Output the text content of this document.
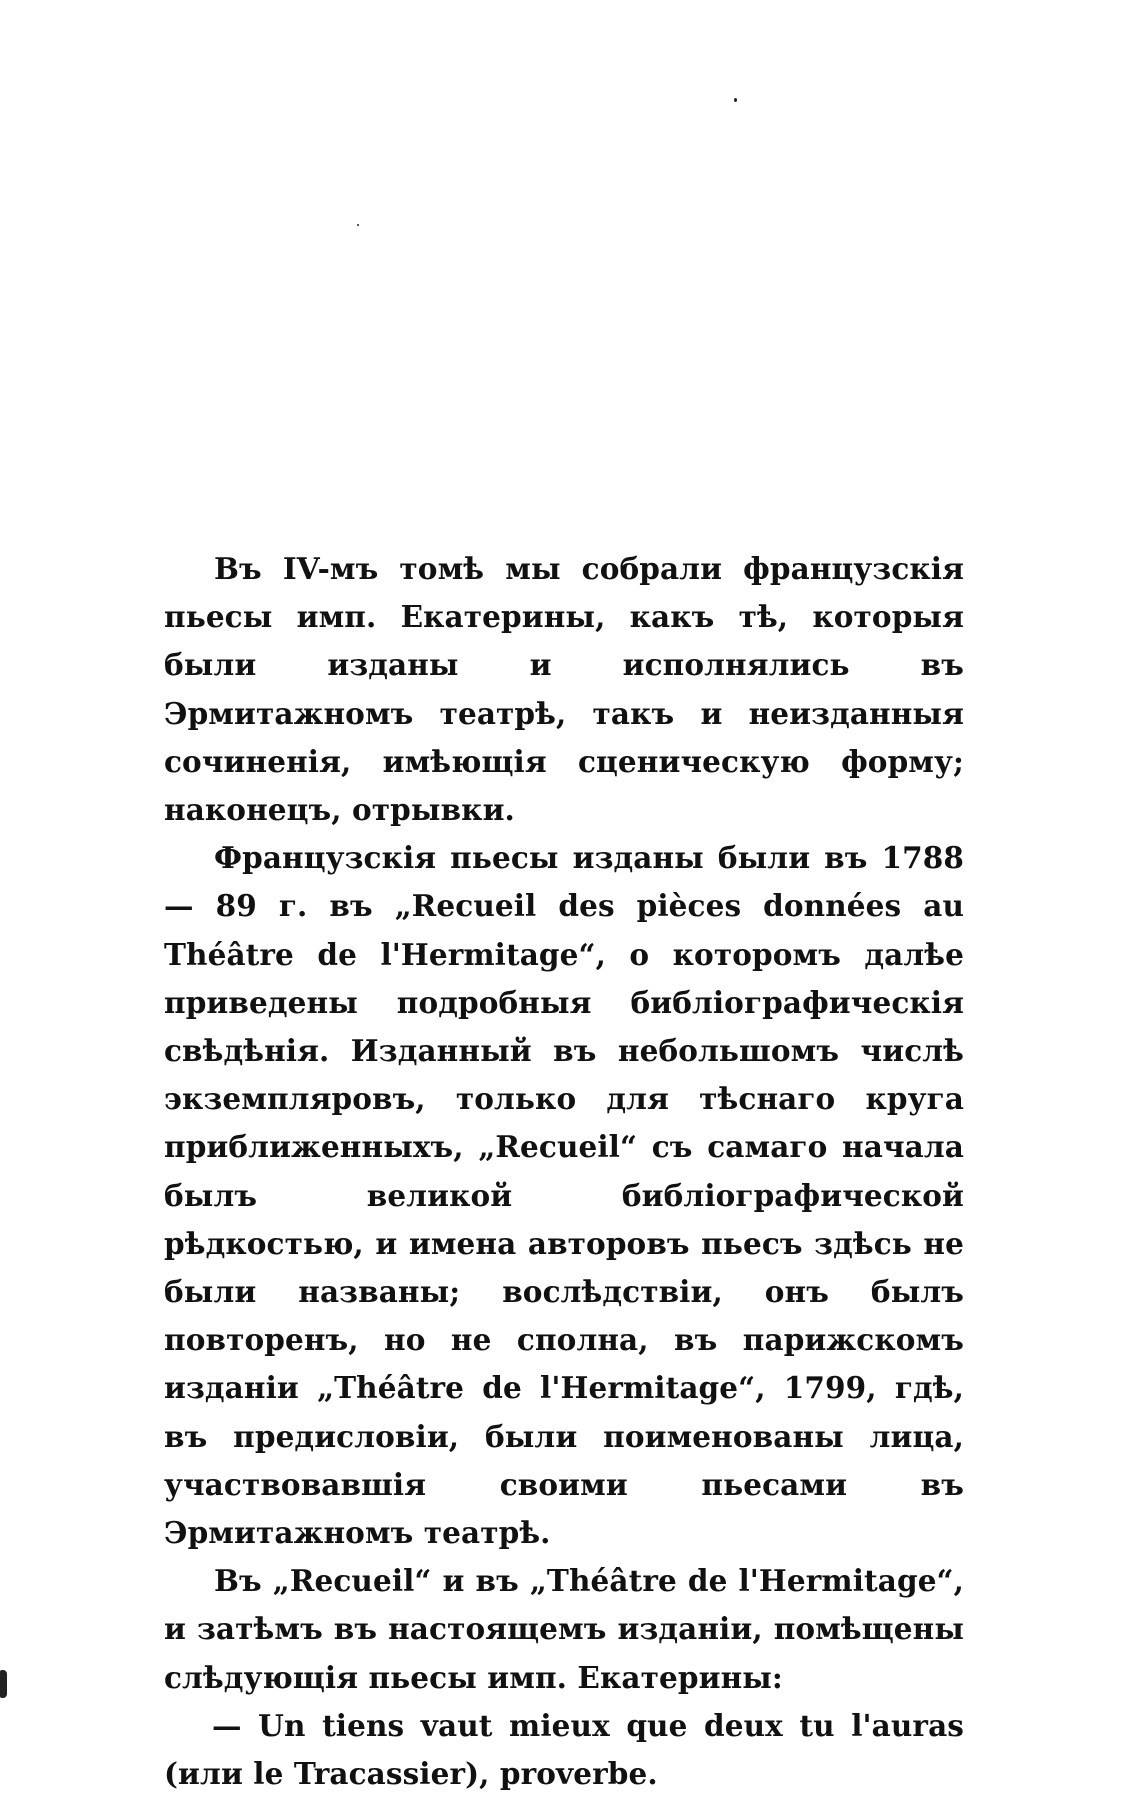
Въ IV-мъ томѣ мы собрали французскія пьесы имп. Екатерины, какъ тѣ, которыя были изданы и исполнялись въ Эрмитажномъ театрѣ, такъ и неизданныя сочиненія, имѣющія сценическую форму; наконецъ, отрывки.

Французскія пьесы изданы были въ 1788 — 89 г. въ „Recueil des pièces données au Théâtre de l'Hermitage“, о которомъ далѣе приведены подробныя библіографическія свѣдѣнія. Изданный въ небольшомъ числѣ экземпляровъ, только для тѣснаго круга приближенныхъ, „Recueil“ съ самаго начала былъ великой библіографической рѣдкостью, и имена авторовъ пьесъ здѣсь не были названы; вослѣдствіи, онъ былъ повторенъ, но не сполна, въ парижскомъ изданіи „Théâtre de l'Hermitage“, 1799, гдѣ, въ предисловіи, были поименованы лица, участвовавшія своими пьесами въ Эрмитажномъ театрѣ.

Въ „Recueil“ и въ „Théâtre de l'Hermitage“, и затѣмъ въ настоящемъ изданіи, помѣщены слѣдующія пьесы имп. Екатерины:

— Un tiens vaut mieux que deux tu l'auras (или le Tracassier), proverbe.
